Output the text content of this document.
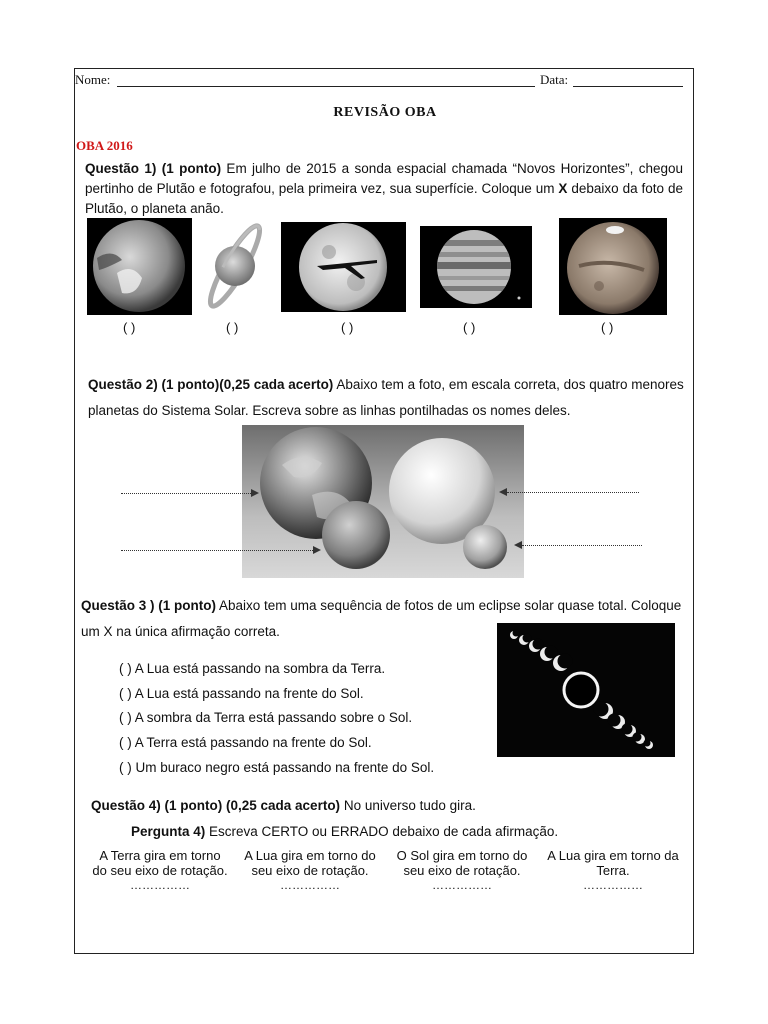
Nome:	Data:
REVISÃO OBA
OBA 2016
Questão 1) (1 ponto) Em julho de 2015 a sonda espacial chamada “Novos Horizontes”, chegou pertinho de Plutão e fotografou, pela primeira vez, sua superfície. Coloque um X debaixo da foto de Plutão, o planeta anão.
( )	( )	( )	( )	( )
Questão 2) (1 ponto)(0,25 cada acerto) Abaixo tem a foto, em escala correta, dos quatro menores planetas do Sistema Solar. Escreva sobre as linhas pontilhadas os nomes deles.
Questão 3 ) (1 ponto) Abaixo tem uma sequência de fotos de um eclipse solar quase total. Coloque um X na única afirmação correta.
( ) A Lua está passando na sombra da Terra.
( ) A Lua está passando na frente do Sol.
( ) A sombra da Terra está passando sobre o Sol.
( ) A Terra está passando na frente do Sol.
( ) Um buraco negro está passando na frente do Sol.
Questão 4) (1 ponto) (0,25 cada acerto) No universo tudo gira.
Pergunta 4) Escreva CERTO ou ERRADO debaixo de cada afirmação.
A Terra gira em torno
do seu eixo de rotação.
……………
A Lua gira em torno do
seu eixo de rotação.
……………
O Sol gira em torno do
seu eixo de rotação.
……………
A Lua gira em torno da
Terra.
……………
